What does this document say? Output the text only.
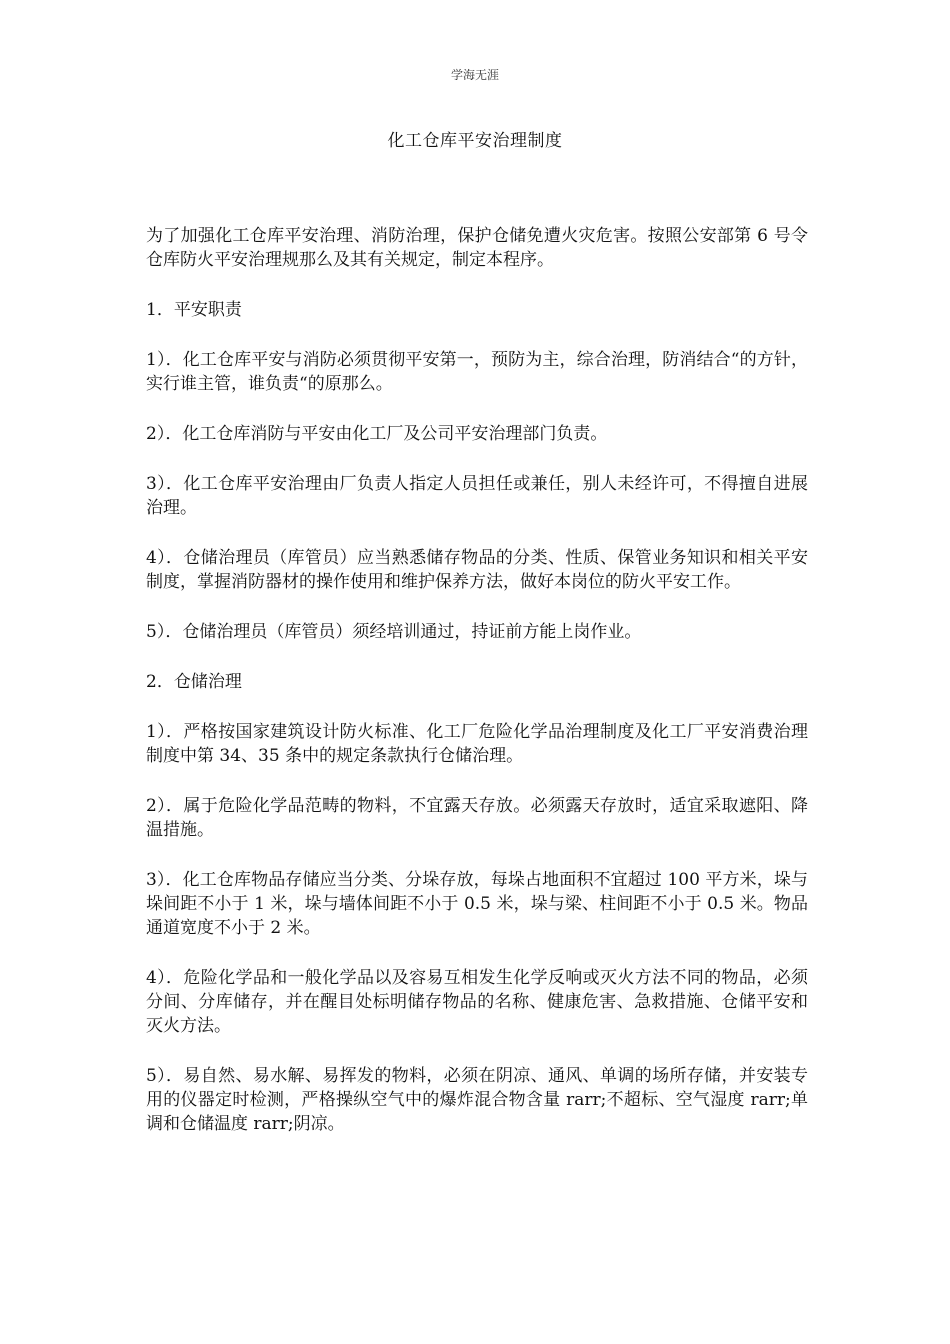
学海无涯
化工仓库平安治理制度

为了加强化工仓库平安治理、消防治理，保护仓储免遭火灾危害。按照公安部第 6 号令仓库防火平安治理规那么及其有关规定，制定本程序。

1．平安职责

1）．化工仓库平安与消防必须贯彻平安第一，预防为主，综合治理，防消结合“的方针，实行谁主管，谁负责“的原那么。

2）．化工仓库消防与平安由化工厂及公司平安治理部门负责。

3）．化工仓库平安治理由厂负责人指定人员担任或兼任，别人未经许可，不得擅自进展治理。

4）．仓储治理员（库管员）应当熟悉储存物品的分类、性质、保管业务知识和相关平安制度，掌握消防器材的操作使用和维护保养方法，做好本岗位的防火平安工作。

5）．仓储治理员（库管员）须经培训通过，持证前方能上岗作业。

2．仓储治理

1）．严格按国家建筑设计防火标准、化工厂危险化学品治理制度及化工厂平安消费治理制度中第 34、35 条中的规定条款执行仓储治理。

2）．属于危险化学品范畴的物料，不宜露天存放。必须露天存放时，适宜采取遮阳、降温措施。

3）．化工仓库物品存储应当分类、分垛存放，每垛占地面积不宜超过 100 平方米，垛与垛间距不小于 1 米，垛与墙体间距不小于 0.5 米，垛与梁、柱间距不小于 0.5 米。物品通道宽度不小于 2 米。

4）．危险化学品和一般化学品以及容易互相发生化学反响或灭火方法不同的物品，必须分间、分库储存，并在醒目处标明储存物品的名称、健康危害、急救措施、仓储平安和灭火方法。

5）．易自然、易水解、易挥发的物料，必须在阴凉、通风、单调的场所存储，并安装专用的仪器定时检测，严格操纵空气中的爆炸混合物含量 rarr;不超标、空气湿度 rarr;单调和仓储温度 rarr;阴凉。
